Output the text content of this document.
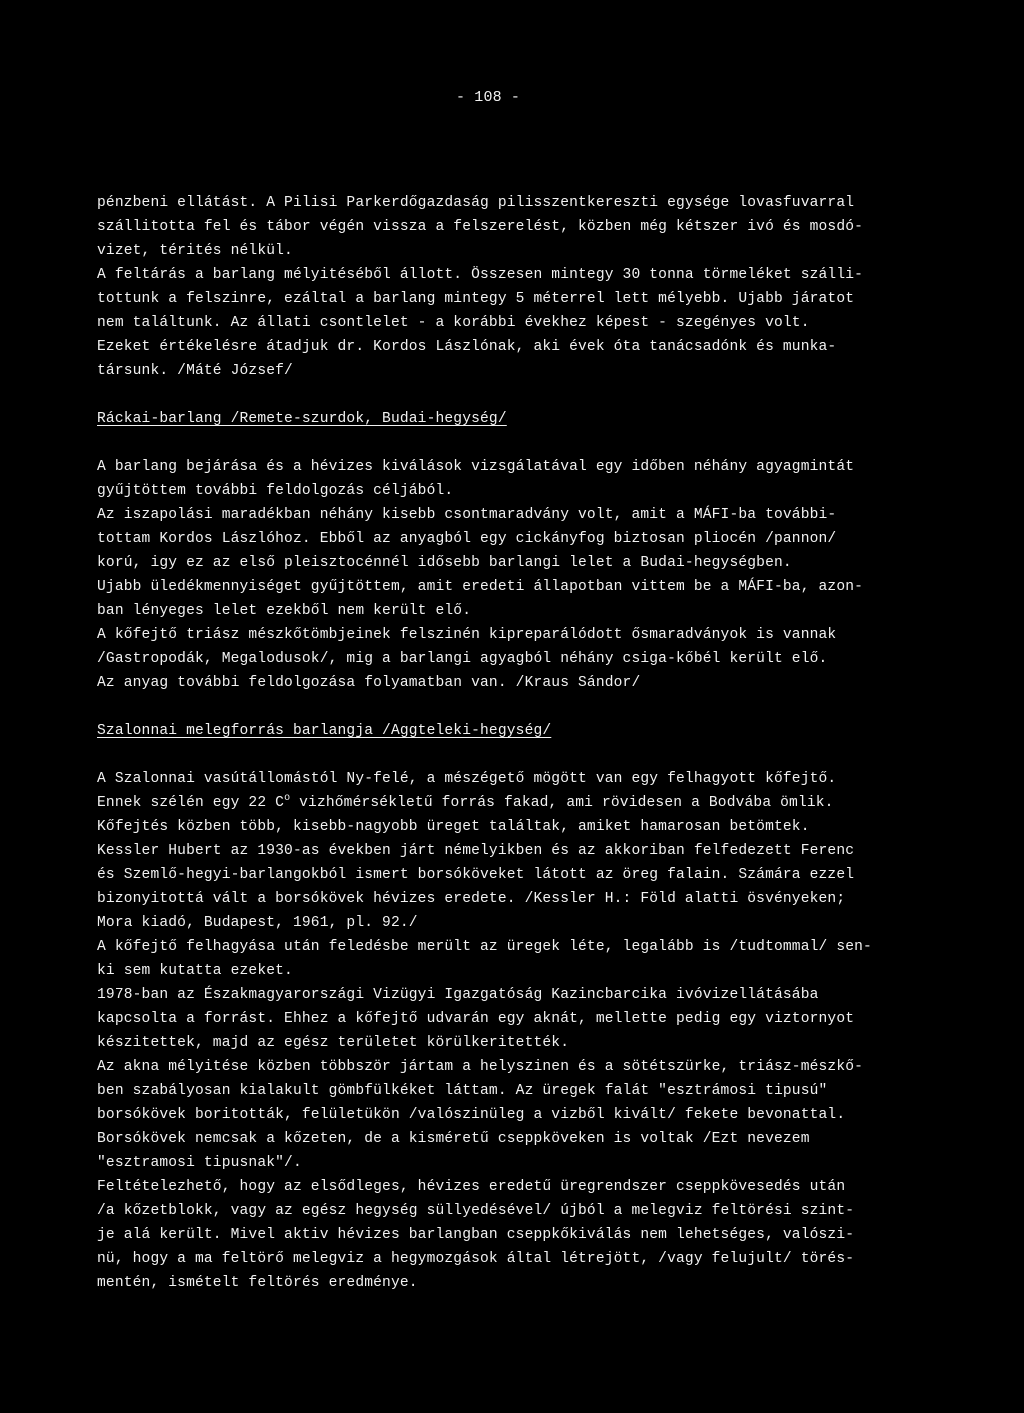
- 108 -
pénzbeni ellátást. A Pilisi Parkerdőgazdaság pilisszentkereszti egysége lovasfuvarral
szállitotta fel és tábor végén vissza a felszerelést, közben még kétszer ivó és mosdó-
vizet, térités nélkül.
A feltárás a barlang mélyitéséből állott. Összesen mintegy 30 tonna törmeléket szálli-
tottunk a felszinre, ezáltal a barlang mintegy 5 méterrel lett mélyebb. Ujabb járatot
nem találtunk. Az állati csontlelet - a korábbi évekhez képest - szegényes volt.
Ezeket értékelésre átadjuk dr. Kordos Lászlónak, aki évek óta tanácsadónk és munka-
társunk. /Máté József/
Ráckai-barlang /Remete-szurdok, Budai-hegység/
A barlang bejárása és a hévizes kiválások vizsgálatával egy időben néhány agyagmintát
gyűjtöttem további feldolgozás céljából.
Az iszapolási maradékban néhány kisebb csontmaradvány volt, amit a MÁFI-ba további-
tottam Kordos Lászlóhoz. Ebből az anyagból egy cickányfog biztosan pliocén /pannon/
korú, igy ez az első pleisztocénnél idősebb barlangi lelet a Budai-hegységben.
Ujabb üledékmennyiséget gyűjtöttem, amit eredeti állapotban vittem be a MÁFI-ba, azon-
ban lényeges lelet ezekből nem került elő.
A kőfejtő triász mészkőtömbjeinek felszinén kipreparálódott ősmaradványok is vannak
/Gastropodák, Megalodusok/, mig a barlangi agyagból néhány csiga-kőbél került elő.
Az anyag további feldolgozása folyamatban van. /Kraus Sándor/
Szalonnai melegforrás barlangja /Aggteleki-hegység/
A Szalonnai vasútállomástól Ny-felé, a mészégető mögött van egy felhagyott kőfejtő.
Ennek szélén egy 22 $C^o$ vizhőmérsékletű forrás fakad, ami rövidesen a Bodvába ömlik.
Kőfejtés közben több, kisebb-nagyobb üreget találtak, amiket hamarosan betömtek.
Kessler Hubert az 1930-as években járt némelyikben és az akkoriban felfedezett Ferenc
és Szemlő-hegyi-barlangokból ismert borsóköveket látott az öreg falain. Számára ezzel
bizonyitottá vált a borsókövek hévizes eredete. /Kessler H.: Föld alatti ösvényeken;
Mora kiadó, Budapest, 1961, pl. 92./
A kőfejtő felhagyása után feledésbe merült az üregek léte, legalább is /tudtommal/ sen-
ki sem kutatta ezeket.
1978-ban az Északmagyarországi Vizügyi Igazgatóság Kazincbarcika ivóvizellátásába
kapcsolta a forrást. Ehhez a kőfejtő udvarán egy aknát, mellette pedig egy viztornyot
készitettek, majd az egész területet körülkeritették.
Az akna mélyitése közben többször jártam a helyszinen és a sötétszürke, triász-mészkő-
ben szabályosan kialakult gömbfülkéket láttam. Az üregek falát "esztrámosi tipusú"
borsókövek boritották, felületükön /valószinüleg a vizből kivált/ fekete bevonattal.
Borsókövek nemcsak a kőzeten, de a kisméretű cseppköveken is voltak /Ezt nevezem
"esztramosi tipusnak"/.
Feltételezhető, hogy az elsődleges, hévizes eredetű üregrendszer cseppkövesedés után
/a kőzetblokk, vagy az egész hegység süllyedésével/ újból a melegviz feltörési szint-
je alá került. Mivel aktiv hévizes barlangban cseppkőkiválás nem lehetséges, valószi-
nü, hogy a ma feltörő melegviz a hegymozgások által létrejött, /vagy felujult/ törés-
mentén, ismételt feltörés eredménye.
